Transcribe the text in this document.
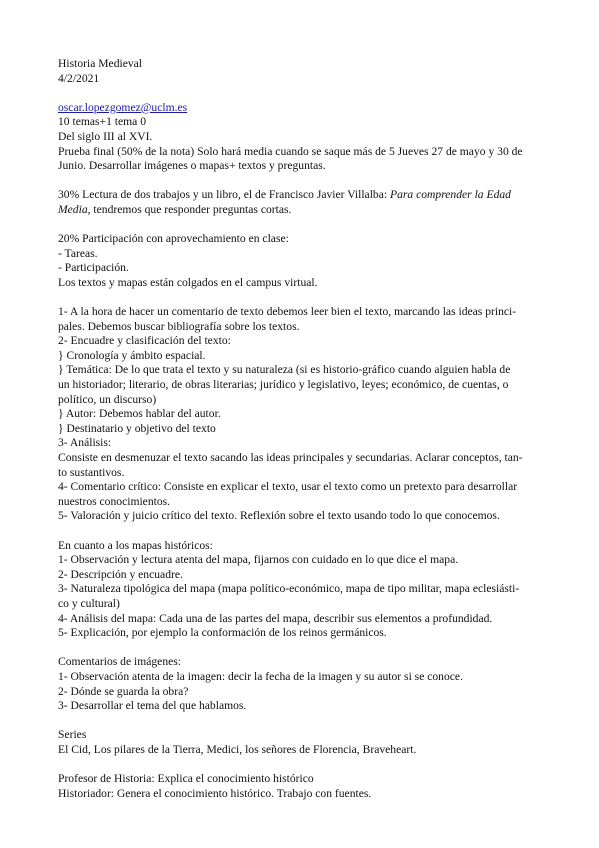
Historia Medieval
4/2/2021
oscar.lopezgomez@uclm.es
10 temas+1 tema 0
Del siglo III al XVI.
Prueba final (50% de la nota) Solo hará media cuando se saque más de 5 Jueves 27 de mayo y 30 de
Junio. Desarrollar imágenes o mapas+ textos y preguntas.
30% Lectura de dos trabajos y un libro, el de Francisco Javier Villalba: Para comprender la Edad
Media, tendremos que responder preguntas cortas.
20% Participación con aprovechamiento en clase:
- Tareas.
- Participación.
Los textos y mapas están colgados en el campus virtual.
1- A la hora de hacer un comentario de texto debemos leer bien el texto, marcando las ideas princi-
pales. Debemos buscar bibliografía sobre los textos.
2- Encuadre y clasificación del texto:
} Cronología y ámbito espacial.
} Temática: De lo que trata el texto y su naturaleza (si es historio-gráfico cuando alguien habla de
un historiador; literario, de obras literarias; jurídico y legislativo, leyes; económico, de cuentas, o
político, un discurso)
} Autor: Debemos hablar del autor.
} Destinatario y objetivo del texto
3- Análisis:
Consiste en desmenuzar el texto sacando las ideas principales y secundarias. Aclarar conceptos, tan-
to sustantivos.
4- Comentario crítico: Consiste en explicar el texto, usar el texto como un pretexto para desarrollar
nuestros conocimientos.
5- Valoración y juicio crítico del texto. Reflexión sobre el texto usando todo lo que conocemos.
En cuanto a los mapas históricos:
1- Observación y lectura atenta del mapa, fijarnos con cuidado en lo que dice el mapa.
2- Descripción y encuadre.
3- Naturaleza tipológica del mapa (mapa político-económico, mapa de tipo militar, mapa eclesiásti-
co y cultural)
4- Análisis del mapa: Cada una de las partes del mapa, describir sus elementos a profundidad.
5- Explicación, por ejemplo la conformación de los reinos germánicos.
Comentarios de imágenes:
1- Observación atenta de la imagen: decir la fecha de la imagen y su autor si se conoce.
2- Dónde se guarda la obra?
3- Desarrollar el tema del que hablamos.
Series
El Cid, Los pilares de la Tierra, Medici, los señores de Florencia, Braveheart.
Profesor de Historia: Explica el conocimiento histórico
Historiador: Genera el conocimiento histórico. Trabajo con fuentes.
